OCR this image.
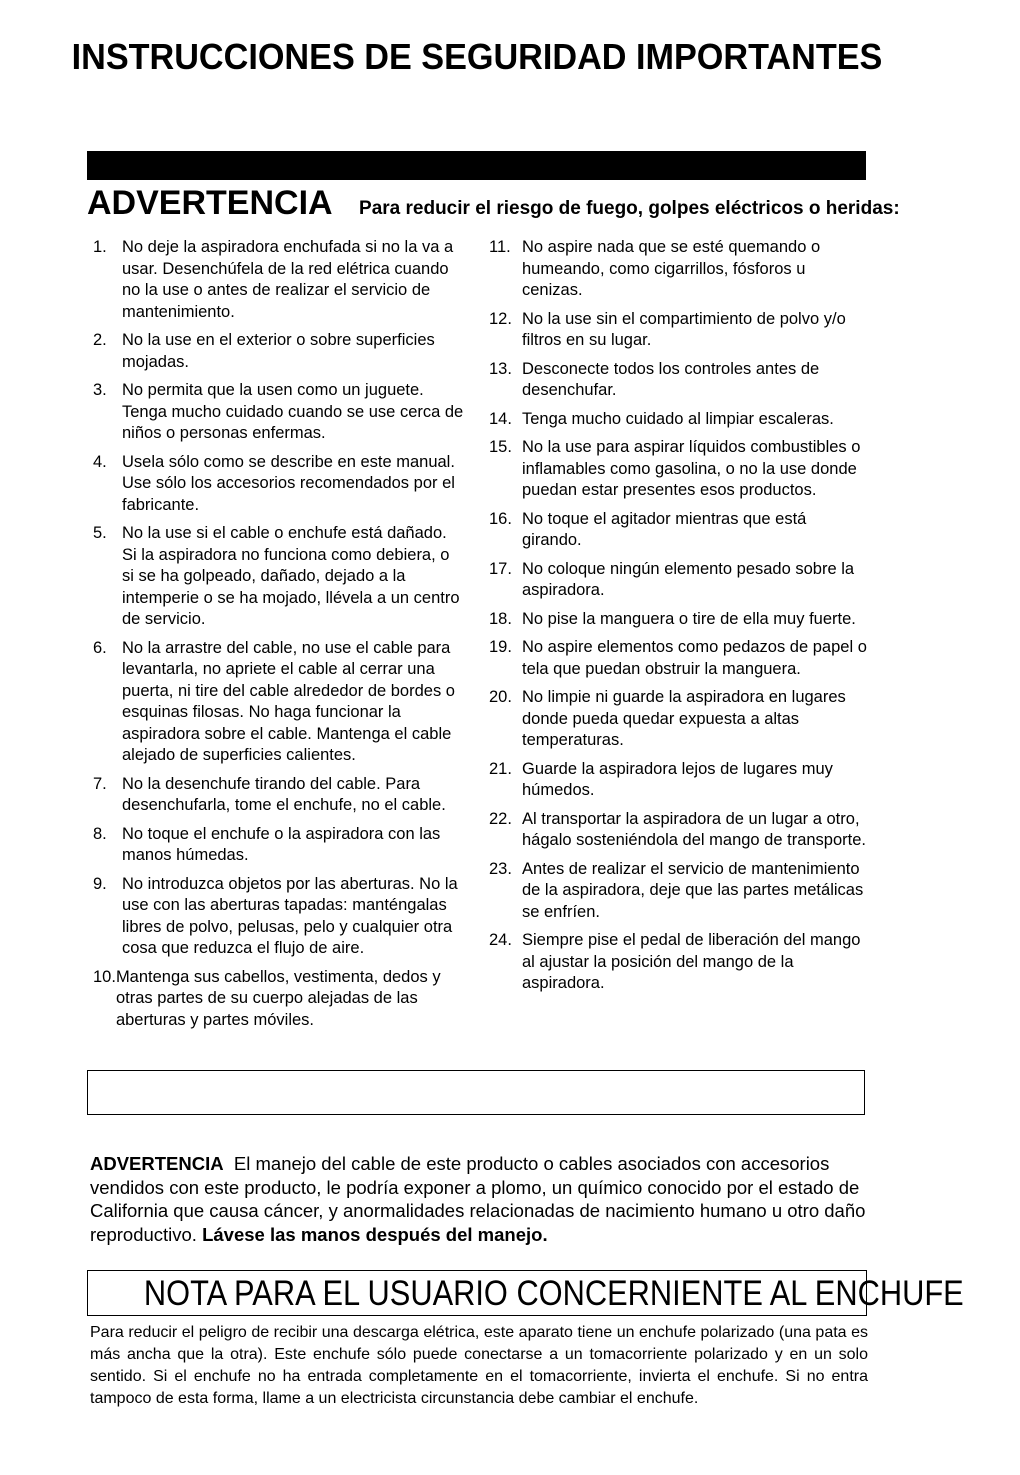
INSTRUCCIONES DE SEGURIDAD IMPORTANTES
ADVERTENCIA Para reducir el riesgo de fuego, golpes eléctricos o heridas:
1. No deje la aspiradora enchufada si no la va a usar. Desenchúfela de la red elétrica cuando no la use o antes de realizar el servicio de mantenimiento.
2. No la use en el exterior o sobre superficies mojadas.
3. No permita que la usen como un juguete. Tenga mucho cuidado cuando se use cerca de niños o personas enfermas.
4. Usela sólo como se describe en este manual. Use sólo los accesorios recomendados por el fabricante.
5. No la use si el cable o enchufe está dañado. Si la aspiradora no funciona como debiera, o si se ha golpeado, dañado, dejado a la intemperie o se ha mojado, llévela a un centro de servicio.
6. No la arrastre del cable, no use el cable para levantarla, no apriete el cable al cerrar una puerta, ni tire del cable alrededor de bordes o esquinas filosas. No haga funcionar la aspiradora sobre el cable. Mantenga el cable alejado de superficies calientes.
7. No la desenchufe tirando del cable. Para desenchufarla, tome el enchufe, no el cable.
8. No toque el enchufe o la aspiradora con las manos húmedas.
9. No introduzca objetos por las aberturas. No la use con las aberturas tapadas: manténgalas libres de polvo, pelusas, pelo y cualquier otra cosa que reduzca el flujo de aire.
10. Mantenga sus cabellos, vestimenta, dedos y otras partes de su cuerpo alejadas de las aberturas y partes móviles.
11. No aspire nada que se esté quemando o humeando, como cigarrillos, fósforos u cenizas.
12. No la use sin el compartimiento de polvo y/o filtros en su lugar.
13. Desconecte todos los controles antes de desenchufar.
14. Tenga mucho cuidado al limpiar escaleras.
15. No la use para aspirar líquidos combustibles o inflamables como gasolina, o no la use donde puedan estar presentes esos productos.
16. No toque el agitador mientras que está girando.
17. No coloque ningún elemento pesado sobre la aspiradora.
18. No pise la manguera o tire de ella muy fuerte.
19. No aspire elementos como pedazos de papel o tela que puedan obstruir la manguera.
20. No limpie ni guarde la aspiradora en lugares donde pueda quedar expuesta a altas temperaturas.
21. Guarde la aspiradora lejos de lugares muy húmedos.
22. Al transportar la aspiradora de un lugar a otro, hágalo sosteniéndola del mango de transporte.
23. Antes de realizar el servicio de mantenimiento de la aspiradora, deje que las partes metálicas se enfríen.
24. Siempre pise el pedal de liberación del mango al ajustar la posición del mango de la aspiradora.
ADVERTENCIA El manejo del cable de este producto o cables asociados con accesorios vendidos con este producto, le podría exponer a plomo, un químico conocido por el estado de California que causa cáncer, y anormalidades relacionadas de nacimiento humano u otro daño reproductivo. Lávese las manos después del manejo.
NOTA PARA EL USUARIO CONCERNIENTE AL ENCHUFE
Para reducir el peligro de recibir una descarga elétrica, este aparato tiene un enchufe polarizado (una pata es más ancha que la otra). Este enchufe sólo puede conectarse a un tomacorriente polarizado y en un solo sentido. Si el enchufe no ha entrada completamente en el tomacorriente, invierta el enchufe. Si no entra tampoco de esta forma, llame a un electricista circunstancia debe cambiar el enchufe.
